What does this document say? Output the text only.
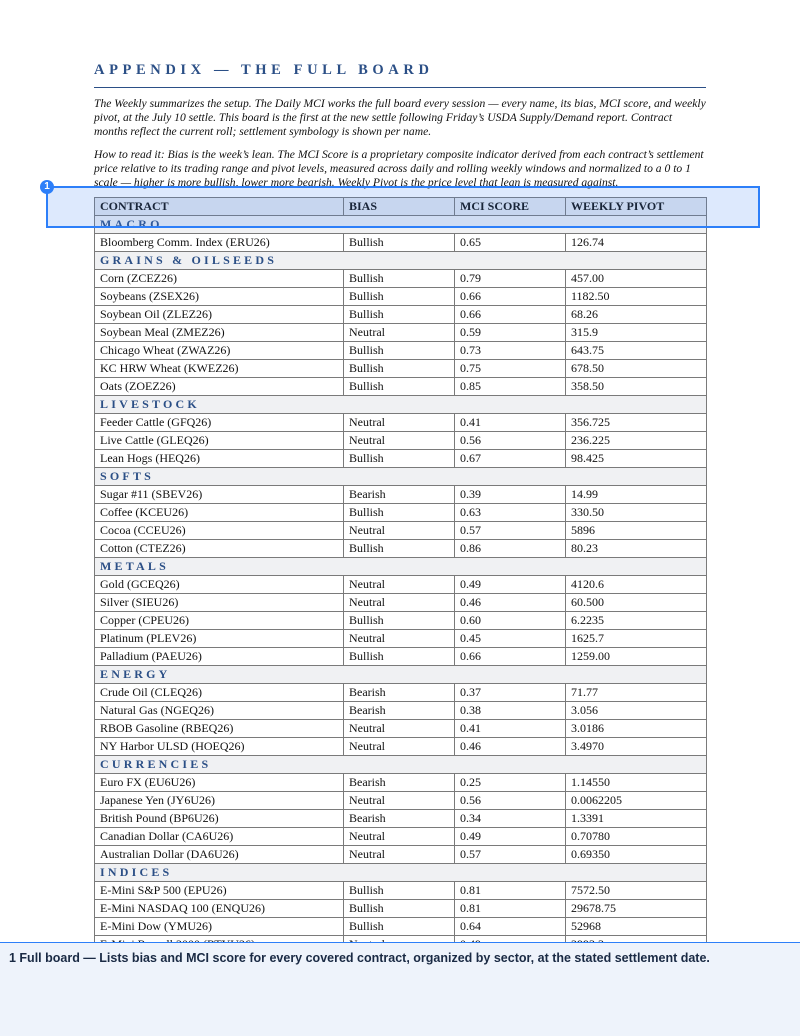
APPENDIX — THE FULL BOARD

The Weekly summarizes the setup. The Daily MCI works the full board every session — every name, its bias, MCI score, and weekly pivot, at the July 10 settle. This board is the first at the new settle following Friday’s USDA Supply/Demand report. Contract months reflect the current roll; settlement symbology is shown per name.

How to read it: Bias is the week’s lean. The MCI Score is a proprietary composite indicator derived from each contract’s settlement price relative to its trading range and pivot levels, measured across daily and rolling weekly windows and normalized to a 0 to 1 scale — higher is more bullish, lower more bearish. Weekly Pivot is the price level that lean is measured against.

CONTRACT	BIAS	MCI SCORE	WEEKLY PIVOT
MACRO			
Bloomberg Comm. Index (ERU26)	Bullish	0.65	126.74
GRAINS & OILSEEDS			
Corn (ZCEZ26)	Bullish	0.79	457.00
Soybeans (ZSEX26)	Bullish	0.66	1182.50
Soybean Oil (ZLEZ26)	Bullish	0.66	68.26
Soybean Meal (ZMEZ26)	Neutral	0.59	315.9
Chicago Wheat (ZWAZ26)	Bullish	0.73	643.75
KC HRW Wheat (KWEZ26)	Bullish	0.75	678.50
Oats (ZOEZ26)	Bullish	0.85	358.50
LIVESTOCK			
Feeder Cattle (GFQ26)	Neutral	0.41	356.725
Live Cattle (GLEQ26)	Neutral	0.56	236.225
Lean Hogs (HEQ26)	Bullish	0.67	98.425
SOFTS			
Sugar #11 (SBEV26)	Bearish	0.39	14.99
Coffee (KCEU26)	Bullish	0.63	330.50
Cocoa (CCEU26)	Neutral	0.57	5896
Cotton (CTEZ26)	Bullish	0.86	80.23
METALS			
Gold (GCEQ26)	Neutral	0.49	4120.6
Silver (SIEU26)	Neutral	0.46	60.500
Copper (CPEU26)	Bullish	0.60	6.2235
Platinum (PLEV26)	Neutral	0.45	1625.7
Palladium (PAEU26)	Bullish	0.66	1259.00
ENERGY			
Crude Oil (CLEQ26)	Bearish	0.37	71.77
Natural Gas (NGEQ26)	Bearish	0.38	3.056
RBOB Gasoline (RBEQ26)	Neutral	0.41	3.0186
NY Harbor ULSD (HOEQ26)	Neutral	0.46	3.4970
CURRENCIES			
Euro FX (EU6U26)	Bearish	0.25	1.14550
Japanese Yen (JY6U26)	Neutral	0.56	0.0062205
British Pound (BP6U26)	Bearish	0.34	1.3391
Canadian Dollar (CA6U26)	Neutral	0.49	0.70780
Australian Dollar (DA6U26)	Neutral	0.57	0.69350
INDICES			
E-Mini S&P 500 (EPU26)	Bullish	0.81	7572.50
E-Mini NASDAQ 100 (ENQU26)	Bullish	0.81	29678.75
E-Mini Dow (YMU26)	Bullish	0.64	52968

1
1 Full board — Lists bias and MCI score for every covered contract, organized by sector, at the stated settlement date.
